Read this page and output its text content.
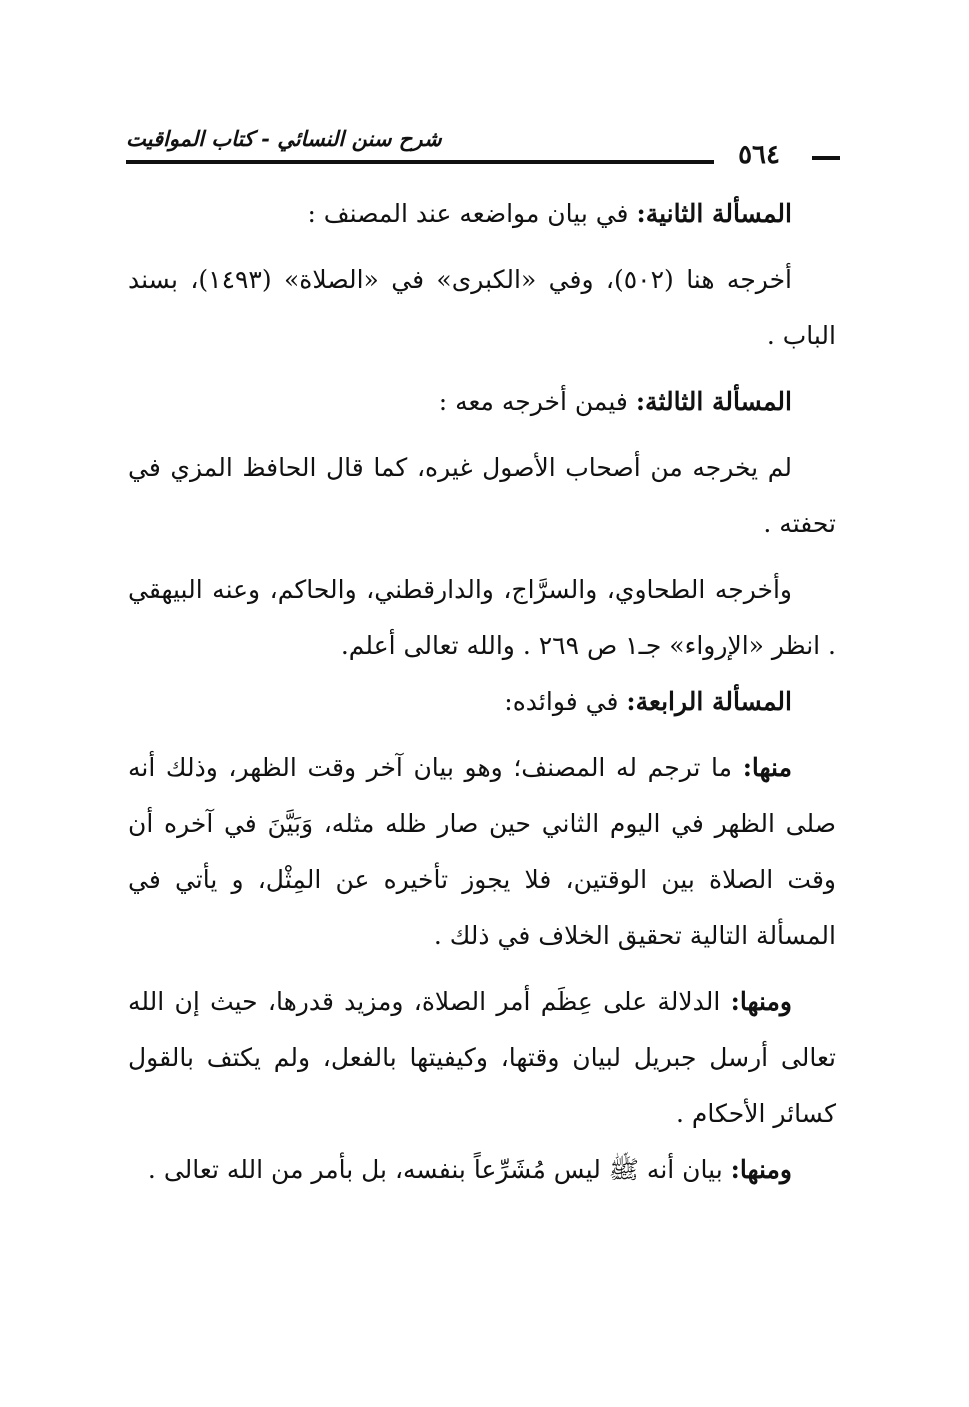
٥٦٤
شرح سنن النسائي - كتاب المواقيت

المسألة الثانية: في بيان مواضعه عند المصنف :

أخرجه هنا (٥٠٢)، وفي «الكبرى» في «الصلاة» (١٤٩٣)، بسند الباب .

المسألة الثالثة: فيمن أخرجه معه :

لم يخرجه من أصحاب الأصول غيره، كما قال الحافظ المزي في تحفته .

وأخرجه الطحاوي، والسرَّاج، والدارقطني، والحاكم، وعنه البيهقي . انظر «الإرواء» جـ١ ص ٢٦٩ . والله تعالى أعلم.

المسألة الرابعة: في فوائده:

منها: ما ترجم له المصنف؛ وهو بيان آخر وقت الظهر، وذلك أنه صلى الظهر في اليوم الثاني حين صار ظله مثله، وَبَيَّنَ في آخره أن وقت الصلاة بين الوقتين، فلا يجوز تأخيره عن المِثْل، و يأتي في المسألة التالية تحقيق الخلاف في ذلك .

ومنها: الدلالة على عِظَم أمر الصلاة، ومزيد قدرها، حيث إن الله تعالى أرسل جبريل لبيان وقتها، وكيفيتها بالفعل، ولم يكتف بالقول كسائر الأحكام .

ومنها: بيان أنه ﷺ ليس مُشَرِّعاً بنفسه، بل بأمر من الله تعالى .
